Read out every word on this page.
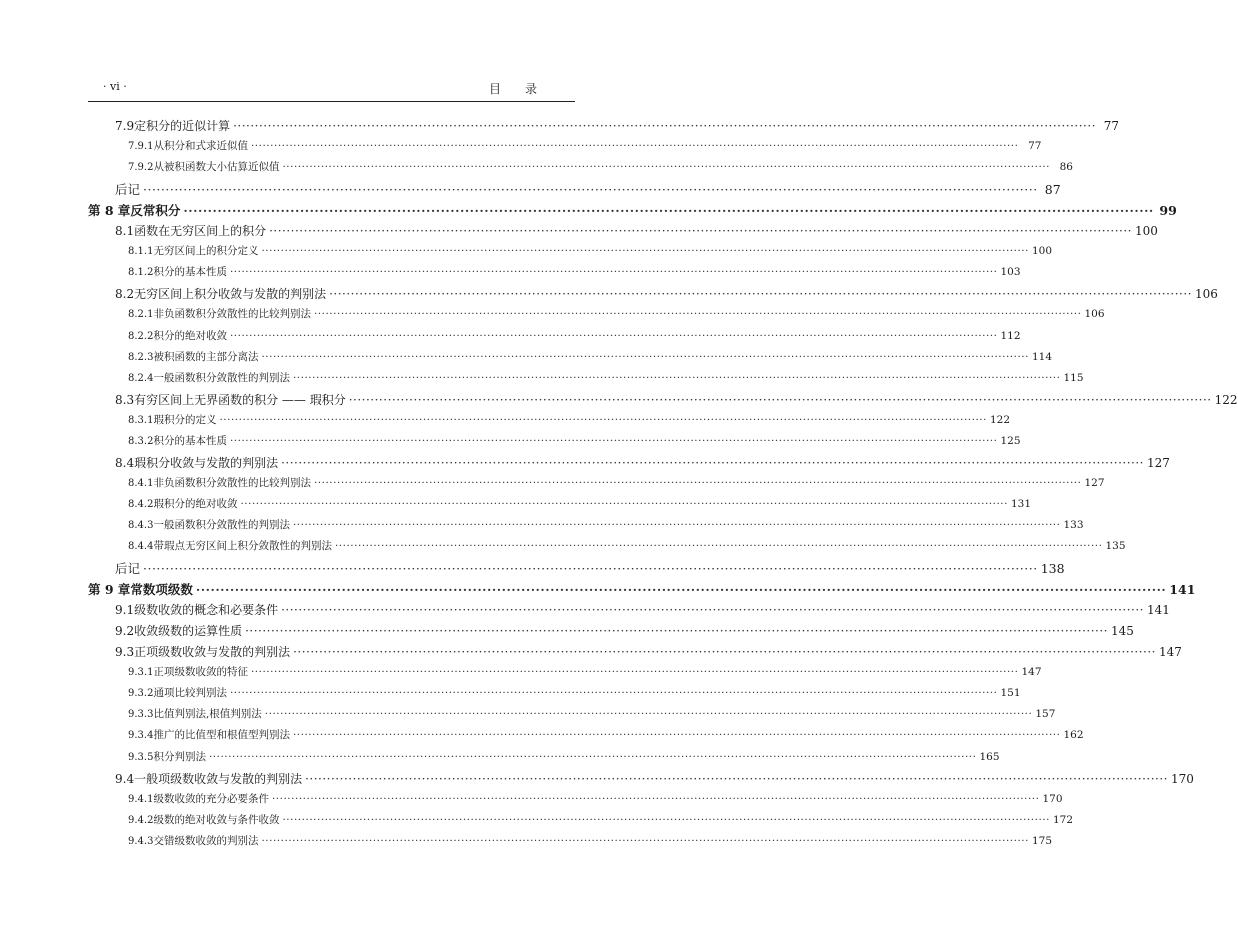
· vi ·	目录
7.9 定积分的近似计算 ········································································································································································································ 77
7.9.1 从积分和式求近似值 ········································································································································································································ 77
7.9.2 从被积函数大小估算近似值 ········································································································································································································ 86
后记 ········································································································································································································ 87
第 8 章 反常积分 ········································································································································································································ 99
8.1 函数在无穷区间上的积分 ········································································································································································································ 100
8.1.1 无穷区间上的积分定义 ········································································································································································································ 100
8.1.2 积分的基本性质 ········································································································································································································ 103
8.2 无穷区间上积分收敛与发散的判别法 ········································································································································································································ 106
8.2.1 非负函数积分敛散性的比较判别法 ········································································································································································································ 106
8.2.2 积分的绝对收敛 ········································································································································································································ 112
8.2.3 被积函数的主部分离法 ········································································································································································································ 114
8.2.4 一般函数积分敛散性的判别法 ········································································································································································································ 115
8.3 有穷区间上无界函数的积分 —— 瑕积分 ········································································································································································································ 122
8.3.1 瑕积分的定义 ········································································································································································································ 122
8.3.2 积分的基本性质 ········································································································································································································ 125
8.4 瑕积分收敛与发散的判别法 ········································································································································································································ 127
8.4.1 非负函数积分敛散性的比较判别法 ········································································································································································································ 127
8.4.2 瑕积分的绝对收敛 ········································································································································································································ 131
8.4.3 一般函数积分敛散性的判别法 ········································································································································································································ 133
8.4.4 带瑕点无穷区间上积分敛散性的判别法 ········································································································································································································ 135
后记 ········································································································································································································ 138
第 9 章 常数项级数 ········································································································································································································ 141
9.1 级数收敛的概念和必要条件 ········································································································································································································ 141
9.2 收敛级数的运算性质 ········································································································································································································ 145
9.3 正项级数收敛与发散的判别法 ········································································································································································································ 147
9.3.1 正项级数收敛的特征 ········································································································································································································ 147
9.3.2 通项比较判别法 ········································································································································································································ 151
9.3.3 比值判别法,根值判别法 ········································································································································································································ 157
9.3.4 推广的比值型和根值型判别法 ········································································································································································································ 162
9.3.5 积分判别法 ········································································································································································································ 165
9.4 一般项级数收敛与发散的判别法 ········································································································································································································ 170
9.4.1 级数收敛的充分必要条件 ········································································································································································································ 170
9.4.2 级数的绝对收敛与条件收敛 ········································································································································································································ 172
9.4.3 交错级数收敛的判别法 ········································································································································································································ 175
